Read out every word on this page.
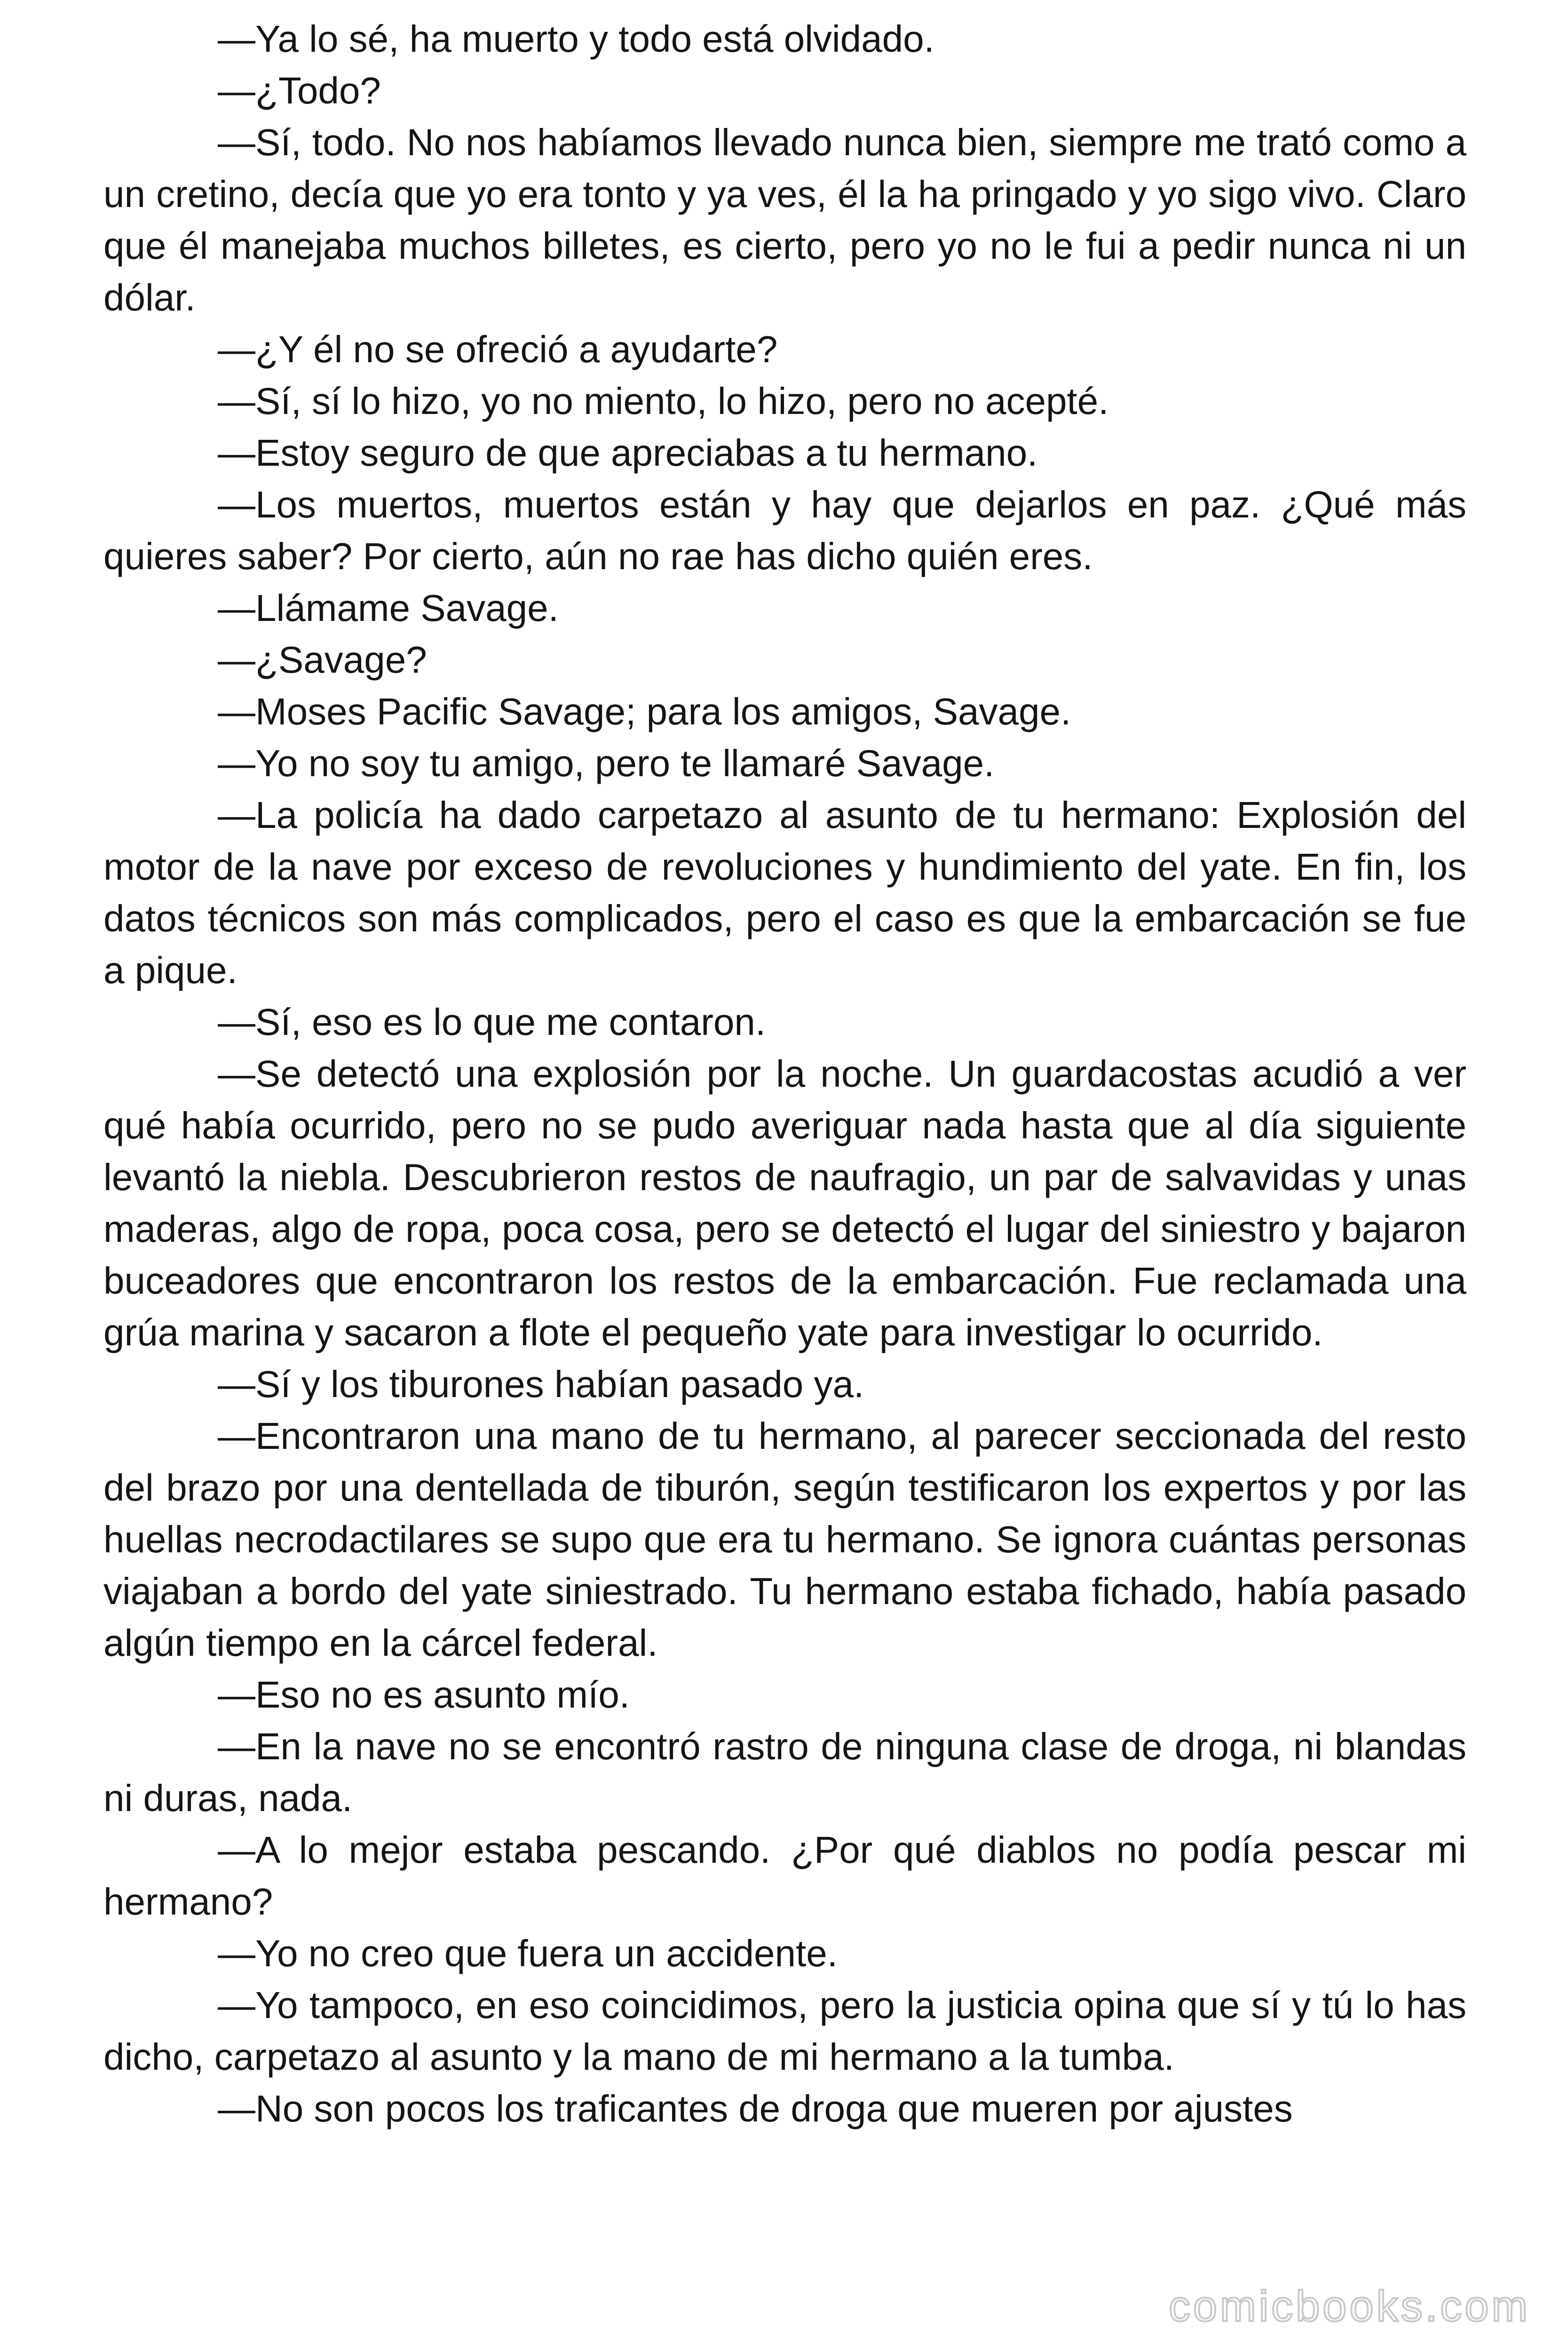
—Ya lo sé, ha muerto y todo está olvidado.

—¿Todo?

—Sí, todo. No nos habíamos llevado nunca bien, siempre me trató como a un cretino, decía que yo era tonto y ya ves, él la ha pringado y yo sigo vivo. Claro que él manejaba muchos billetes, es cierto, pero yo no le fui a pedir nunca ni un dólar.

—¿Y él no se ofreció a ayudarte?

—Sí, sí lo hizo, yo no miento, lo hizo, pero no acepté.

—Estoy seguro de que apreciabas a tu hermano.

—Los muertos, muertos están y hay que dejarlos en paz. ¿Qué más quieres saber? Por cierto, aún no rae has dicho quién eres.

—Llámame Savage.

—¿Savage?

—Moses Pacific Savage; para los amigos, Savage.

—Yo no soy tu amigo, pero te llamaré Savage.

—La policía ha dado carpetazo al asunto de tu hermano: Explosión del motor de la nave por exceso de revoluciones y hundimiento del yate. En fin, los datos técnicos son más complicados, pero el caso es que la embarcación se fue a pique.

—Sí, eso es lo que me contaron.

—Se detectó una explosión por la noche. Un guardacostas acudió a ver qué había ocurrido, pero no se pudo averiguar nada hasta que al día siguiente levantó la niebla. Descubrieron restos de naufragio, un par de salvavidas y unas maderas, algo de ropa, poca cosa, pero se detectó el lugar del siniestro y bajaron buceadores que encontraron los restos de la embarcación. Fue reclamada una grúa marina y sacaron a flote el pequeño yate para investigar lo ocurrido.

—Sí y los tiburones habían pasado ya.

—Encontraron una mano de tu hermano, al parecer seccionada del resto del brazo por una dentellada de tiburón, según testificaron los expertos y por las huellas necrodactilares se supo que era tu hermano. Se ignora cuántas personas viajaban a bordo del yate siniestrado. Tu hermano estaba fichado, había pasado algún tiempo en la cárcel federal.

—Eso no es asunto mío.

—En la nave no se encontró rastro de ninguna clase de droga, ni blandas ni duras, nada.

—A lo mejor estaba pescando. ¿Por qué diablos no podía pescar mi hermano?

—Yo no creo que fuera un accidente.

—Yo tampoco, en eso coincidimos, pero la justicia opina que sí y tú lo has dicho, carpetazo al asunto y la mano de mi hermano a la tumba.

—No son pocos los traficantes de droga que mueren por ajustes

comicbooks.com
